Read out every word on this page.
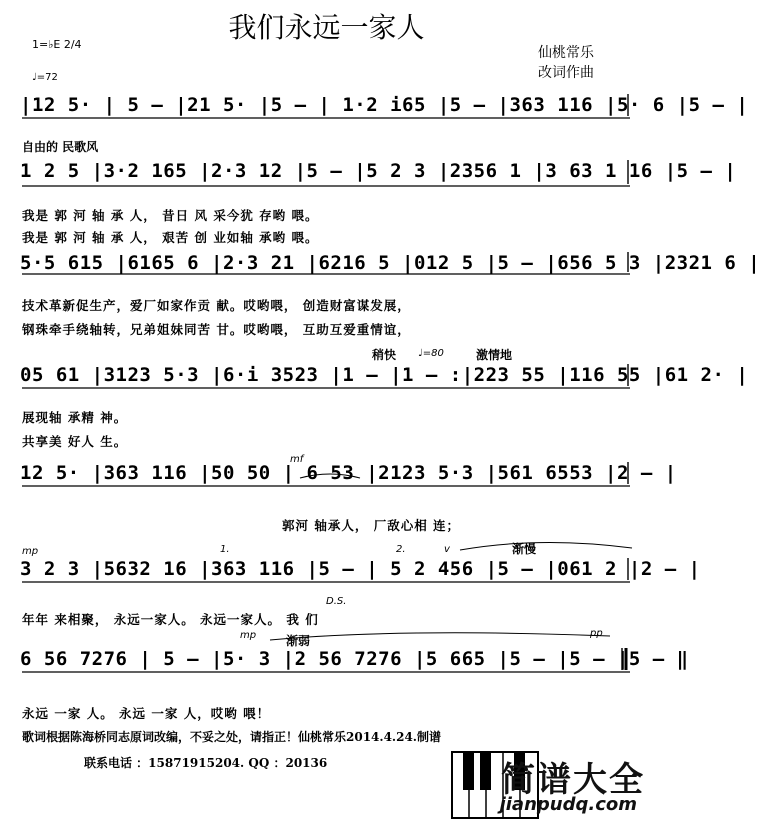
我们永远一家人
1=♭E 2/4
♩=72
仙桃常乐
改词作曲
自由的 民歌风
|12 5· | 5 – |21 5· |5 – | 1·2 i65 |5 – |363 116 |5· 6 |5 – |
1 2 5 |3·2 165 |2·3 12 |5 – |5 2 3 |2356 1 |3 63 1 16 |5 – |
我是 郭 河 轴 承 人， 昔日 风 采今犹 存哟 喂。
我是 郭 河 轴 承 人， 艰苦 创 业如轴 承哟 喂。
5·5 615 |6165 6 |2·3 21 |6216 5 |012 5 |5 – |656 5 3 |2321 6 |
技术革新促生产，爱厂如家作贡 献。哎哟喂， 创造财富谋发展，
钢珠牵手绕轴转，兄弟姐妹同苦 甘。哎哟喂， 互助互爱重情谊，
稍快 ♩=80	激情地
05 61 |3123 5·3 |6·i 3523 |1 – |1 – :|223 55 |116 55 |61 2· |
展现轴 承精 神。
共享美 好人 生。
mf
12 5· |363 116 |50 50 | 6 53 |2123 5·3 |561 6553 |2 – |
郭河 轴承人， 厂敌心相 连；
mp	1.	2.	v	渐慢
3 2 3 |5632 16 |363 116 |5 – | 5 2 456 |5 – |061 2 |2 – |
D.S.
年年 来相聚， 永远一家人。 永远一家人。 我 们
mp 渐弱
pp
6 56 7276 | 5 – |5· 3 |2 56 7276 |5 665 |5 – |5 – |5 – ‖
永远 一家 人。 永远 一家 人，哎哟 喂！
歌词根据陈海桥同志原词改编，不妥之处，请指正！仙桃常乐2014.4.24.制谱
联系电话 ：15871915204. QQ ：20136	简谱大全
jianpudq.com
